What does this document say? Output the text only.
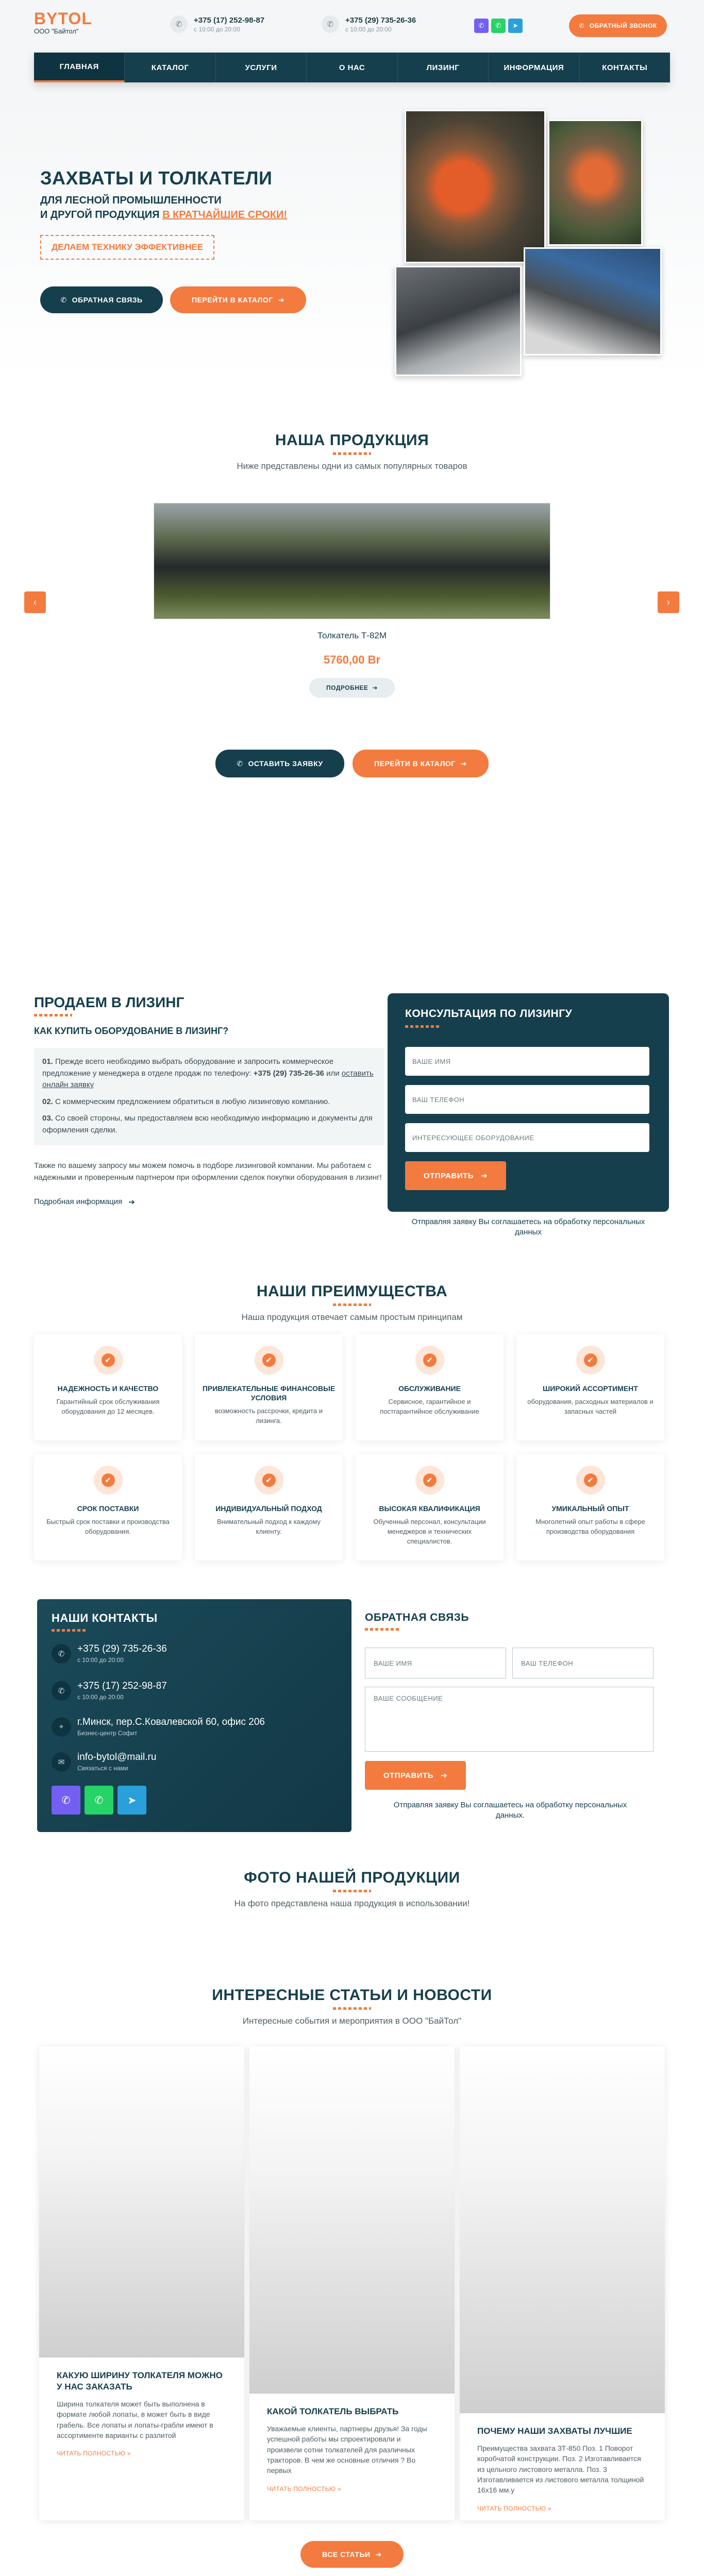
BYTOL
ООО "Байтол"
✆	+375 (17) 252-98-87
с 10:00 до 20:00
✆	+375 (29) 735-26-36
с 10:00 до 20:00	✆	✆	➤	✆ ОБРАТНЫЙ ЗВОНОК
ГЛАВНАЯ	КАТАЛОГ	УСЛУГИ	О НАС	ЛИЗИНГ	ИНФОРМАЦИЯ	КОНТАКТЫ
ЗАХВАТЫ И ТОЛКАТЕЛИ
ДЛЯ ЛЕСНОЙ ПРОМЫШЛЕННОСТИ
И ДРУГОЙ ПРОДУКЦИЯ В КРАТЧАЙШИЕ СРОКИ!
ДЕЛАЕМ ТЕХНИКУ ЭФФЕКТИВНЕЕ
✆ ОБРАТНАЯ СВЯЗЬ	ПЕРЕЙТИ В КАТАЛОГ ➔
НАША ПРОДУКЦИЯ
Ниже представлены одни из самых популярных товаров
‹	›
Толкатель Т-82М
5760,00 Br
ПОДРОБНЕЕ ➔
✆ ОСТАВИТЬ ЗАЯВКУ	ПЕРЕЙТИ В КАТАЛОГ ➔
ПРОДАЕМ В ЛИЗИНГ
КАК КУПИТЬ ОБОРУДОВАНИЕ В ЛИЗИНГ?
01. Прежде всего необходимо выбрать оборудование и запросить коммерческое предложение у менеджера в отделе продаж по телефону: +375 (29) 735-26-36 или оставить онлайн заявку
02. С коммерческим предложением обратиться в любую лизинговую компанию.
03. Со своей стороны, мы предоставляем всю необходимую информацию и документы для оформления сделки.
Также по вашему запросу мы можем помочь в подборе лизинговой компании. Мы работаем с надежными и проверенным партнером при оформлении сделок покупки оборудования в лизинг!
Подробная информация ➔
КОНСУЛЬТАЦИЯ ПО ЛИЗИНГУ
ВАШЕ ИМЯ
ВАШ ТЕЛЕФОН
ИНТЕРЕСУЮЩЕЕ ОБОРУДОВАНИЕ
ОТПРАВИТЬ ➔
Отправляя заявку Вы соглашаетесь на обработку персональных данных
НАШИ ПРЕИМУЩЕСТВА
Наша продукция отвечает самым простым принципам
✔
НАДЕЖНОСТЬ И КАЧЕСТВО
Гарантийный срок обслуживания оборудования до 12 месяцев.
✔
ПРИВЛЕКАТЕЛЬНЫЕ ФИНАНСОВЫЕ УСЛОВИЯ
возможность рассрочки, кредита и лизинга.
✔
ОБСЛУЖИВАНИЕ
Сервисное, гарантийное и постгарантийное обслуживание
✔
ШИРОКИЙ АССОРТИМЕНТ
оборудования, расходных материалов и запасных частей
✔
СРОК ПОСТАВКИ
Быстрый срок поставки и производства оборудования.
✔
ИНДИВИДУАЛЬНЫЙ ПОДХОД
Внимательный подход к каждому клиенту.
✔
ВЫСОКАЯ КВАЛИФИКАЦИЯ
Обученный персонал, консультации менеджеров и технических специалистов.
✔
УМИКАЛЬНЫЙ ОПЫТ
Многолетний опыт работы в сфере производства оборудования
НАШИ КОНТАКТЫ
✆	+375 (29) 735-26-36
с 10:00 до 20:00
✆	+375 (17) 252-98-87
с 10:00 до 20:00
⌖	г.Минск, пер.С.Ковалевской 60, офис 206
Бизнес-центр Софит
✉	info-bytol@mail.ru
Связаться с нами
✆	✆	➤
ОБРАТНАЯ СВЯЗЬ
ВАШЕ ИМЯ	ВАШ ТЕЛЕФОН
ВАШЕ СООБЩЕНИЕ
ОТПРАВИТЬ ➔
Отправляя заявку Вы соглашаетесь на обработку персональных данных.
ФОТО НАШЕЙ ПРОДУКЦИИ
На фото представлена наша продукция в использовании!
ИНТЕРЕСНЫЕ СТАТЬИ И НОВОСТИ
Интересные события и мероприятия в ООО "БайТол"
КАКУЮ ШИРИНУ ТОЛКАТЕЛЯ МОЖНО У НАС ЗАКАЗАТЬ
Ширина толкателя может быть выполнена в формате любой лопаты, в может быть в виде грабель. Все лопаты и лопаты-грабли имеют в ассортименте варианты с разлитой
ЧИТАТЬ ПОЛНОСТЬЮ »
КАКОЙ ТОЛКАТЕЛЬ ВЫБРАТЬ
Уважаемые клиенты, партнеры друзья! За годы успешной работы мы спроектировали и произвели сотни толкателей для различных тракторов. В чем же основные отличия ? Во первых
ЧИТАТЬ ПОЛНОСТЬЮ »
ПОЧЕМУ НАШИ ЗАХВАТЫ ЛУЧШИЕ
Преимущества захвата ЗТ-850 Поз. 1 Поворот коробчатой конструкции. Поз. 2 Изготавливается из цельного листового металла. Поз. 3 Изготавливается из листового металла толщиной 16x16 мм.у
ЧИТАТЬ ПОЛНОСТЬЮ »
ВСЕ СТАТЬИ ➔
